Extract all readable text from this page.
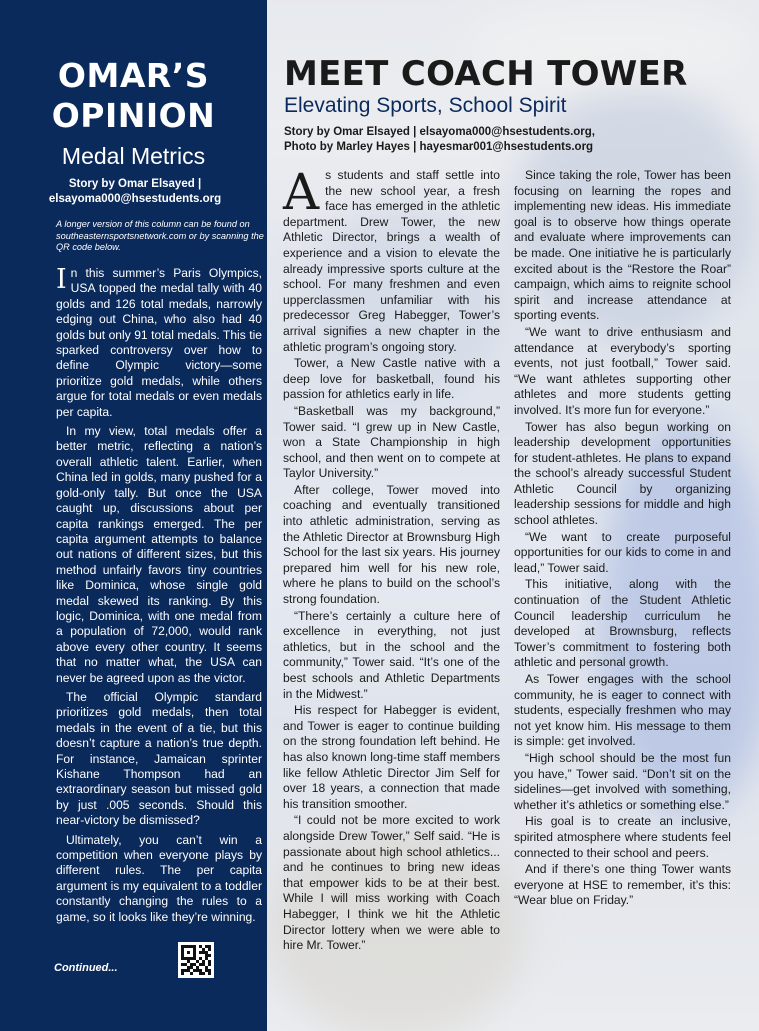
OMAR’S
OPINION
Medal Metrics
Story by Omar Elsayed |
elsayoma000@hsestudents.org
A longer version of this column can be found on southeasternsportsnetwork.com or by scanning the QR code below.

In this summer’s Paris Olympics, USA topped the medal tally with 40 golds and 126 total medals, narrowly edging out China, who also had 40 golds but only 91 total medals. This tie sparked controversy over how to define Olympic victory—some prioritize gold medals, while others argue for total medals or even medals per capita.

In my view, total medals offer a better metric, reflecting a nation’s overall athletic talent. Earlier, when China led in golds, many pushed for a gold-only tally. But once the USA caught up, discussions about per capita rankings emerged. The per capita argument attempts to balance out nations of different sizes, but this method unfairly favors tiny countries like Dominica, whose single gold medal skewed its ranking. By this logic, Dominica, with one medal from a population of 72,000, would rank above every other country. It seems that no matter what, the USA can never be agreed upon as the victor.

The official Olympic standard prioritizes gold medals, then total medals in the event of a tie, but this doesn’t capture a nation’s true depth. For instance, Jamaican sprinter Kishane Thompson had an extraordinary season but missed gold by just .005 seconds. Should this near-victory be dismissed?

Ultimately, you can’t win a competition when everyone plays by different rules. The per capita argument is my equivalent to a toddler constantly changing the rules to a game, so it looks like they’re winning.

Continued...
MEET COACH TOWER
Elevating Sports, School Spirit
Story by Omar Elsayed | elsayoma000@hsestudents.org,
Photo by Marley Hayes | hayesmar001@hsestudents.org

As students and staff settle into the new school year, a fresh face has emerged in the athletic department. Drew Tower, the new Athletic Director, brings a wealth of experience and a vision to elevate the already impressive sports culture at the school. For many freshmen and even upperclassmen unfamiliar with his predecessor Greg Habegger, Tower’s arrival signifies a new chapter in the athletic program’s ongoing story.

Tower, a New Castle native with a deep love for basketball, found his passion for athletics early in life.

“Basketball was my background,” Tower said. “I grew up in New Castle, won a State Championship in high school, and then went on to compete at Taylor University.”

After college, Tower moved into coaching and eventually transitioned into athletic administration, serving as the Athletic Director at Brownsburg High School for the last six years. His journey prepared him well for his new role, where he plans to build on the school’s strong foundation.

“There’s certainly a culture here of excellence in everything, not just athletics, but in the school and the community,” Tower said. “It’s one of the best schools and Athletic Departments in the Midwest.”

His respect for Habegger is evident, and Tower is eager to continue building on the strong foundation left behind. He has also known long-time staff members like fellow Athletic Director Jim Self for over 18 years, a connection that made his transition smoother.

“I could not be more excited to work alongside Drew Tower,” Self said. “He is passionate about high school athletics... and he continues to bring new ideas that empower kids to be at their best. While I will miss working with Coach Habegger, I think we hit the Athletic Director lottery when we were able to hire Mr. Tower.”

Since taking the role, Tower has been focusing on learning the ropes and implementing new ideas. His immediate goal is to observe how things operate and evaluate where improvements can be made. One initiative he is particularly excited about is the “Restore the Roar” campaign, which aims to reignite school spirit and increase attendance at sporting events.

“We want to drive enthusiasm and attendance at everybody’s sporting events, not just football,” Tower said. “We want athletes supporting other athletes and more students getting involved. It’s more fun for everyone.”

Tower has also begun working on leadership development opportunities for student-athletes. He plans to expand the school’s already successful Student Athletic Council by organizing leadership sessions for middle and high school athletes.

“We want to create purposeful opportunities for our kids to come in and lead,” Tower said.

This initiative, along with the continuation of the Student Athletic Council leadership curriculum he developed at Brownsburg, reflects Tower’s commitment to fostering both athletic and personal growth.

As Tower engages with the school community, he is eager to connect with students, especially freshmen who may not yet know him. His message to them is simple: get involved.

“High school should be the most fun you have,” Tower said. “Don’t sit on the sidelines—get involved with something, whether it’s athletics or something else.”

His goal is to create an inclusive, spirited atmosphere where students feel connected to their school and peers.

And if there’s one thing Tower wants everyone at HSE to remember, it’s this: “Wear blue on Friday.”
